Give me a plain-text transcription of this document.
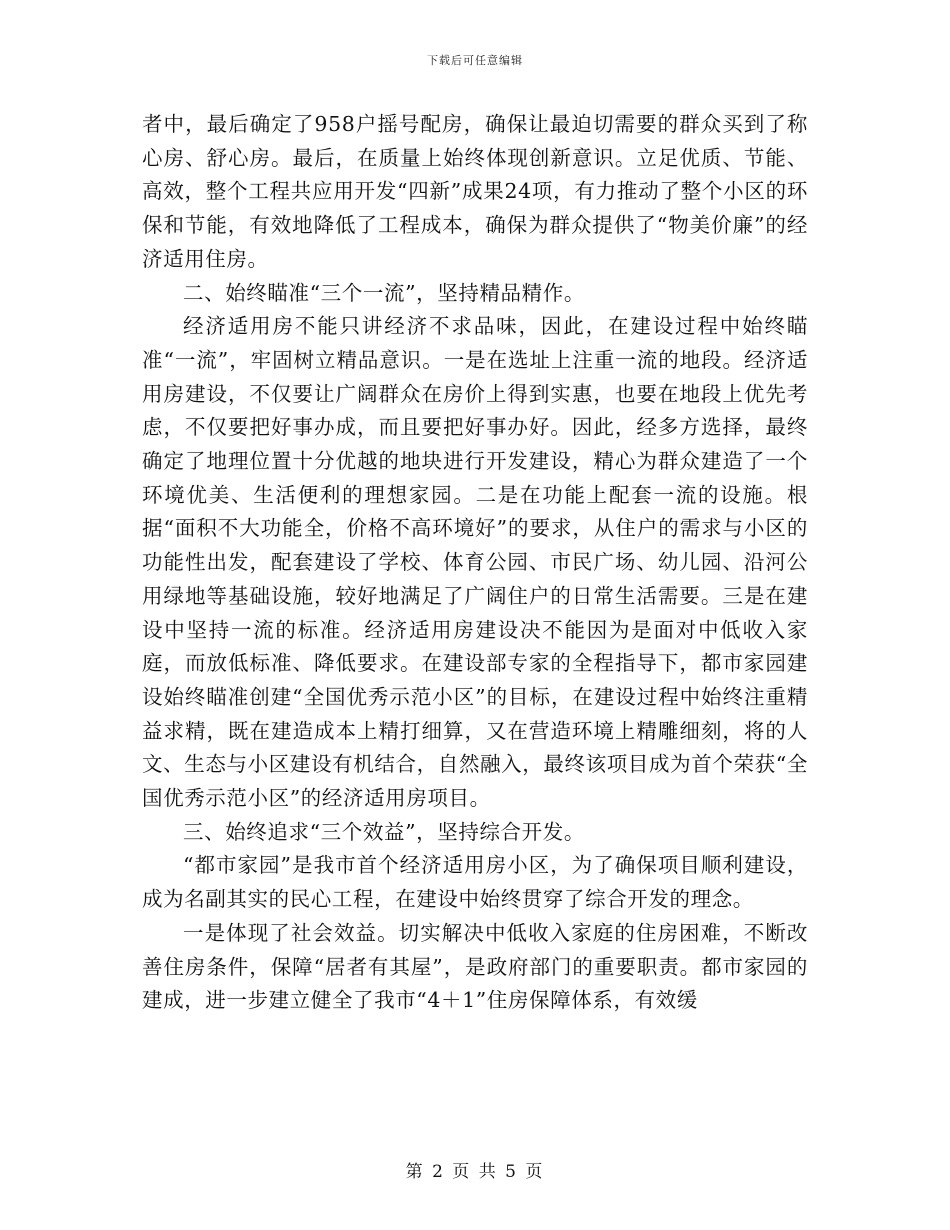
下载后可任意编辑

者中，最后确定了958户摇号配房，确保让最迫切需要的群众买到了称心房、舒心房。最后，在质量上始终体现创新意识。立足优质、节能、高效，整个工程共应用开发“四新”成果24项，有力推动了整个小区的环保和节能，有效地降低了工程成本，确保为群众提供了“物美价廉”的经济适用住房。

二、始终瞄准“三个一流”，坚持精品精作。

经济适用房不能只讲经济不求品味，因此，在建设过程中始终瞄准“一流”，牢固树立精品意识。一是在选址上注重一流的地段。经济适用房建设，不仅要让广阔群众在房价上得到实惠，也要在地段上优先考虑，不仅要把好事办成，而且要把好事办好。因此，经多方选择，最终确定了地理位置十分优越的地块进行开发建设，精心为群众建造了一个环境优美、生活便利的理想家园。二是在功能上配套一流的设施。根据“面积不大功能全，价格不高环境好”的要求，从住户的需求与小区的功能性出发，配套建设了学校、体育公园、市民广场、幼儿园、沿河公用绿地等基础设施，较好地满足了广阔住户的日常生活需要。三是在建设中坚持一流的标准。经济适用房建设决不能因为是面对中低收入家庭，而放低标准、降低要求。在建设部专家的全程指导下，都市家园建设始终瞄准创建“全国优秀示范小区”的目标，在建设过程中始终注重精益求精，既在建造成本上精打细算，又在营造环境上精雕细刻，将的人文、生态与小区建设有机结合，自然融入，最终该项目成为首个荣获“全国优秀示范小区”的经济适用房项目。

三、始终追求“三个效益”，坚持综合开发。

“都市家园”是我市首个经济适用房小区，为了确保项目顺利建设，成为名副其实的民心工程，在建设中始终贯穿了综合开发的理念。

一是体现了社会效益。切实解决中低收入家庭的住房困难，不断改善住房条件，保障“居者有其屋”，是政府部门的重要职责。都市家园的建成，进一步建立健全了我市“4＋1”住房保障体系，有效缓

第 2 页 共 5 页
